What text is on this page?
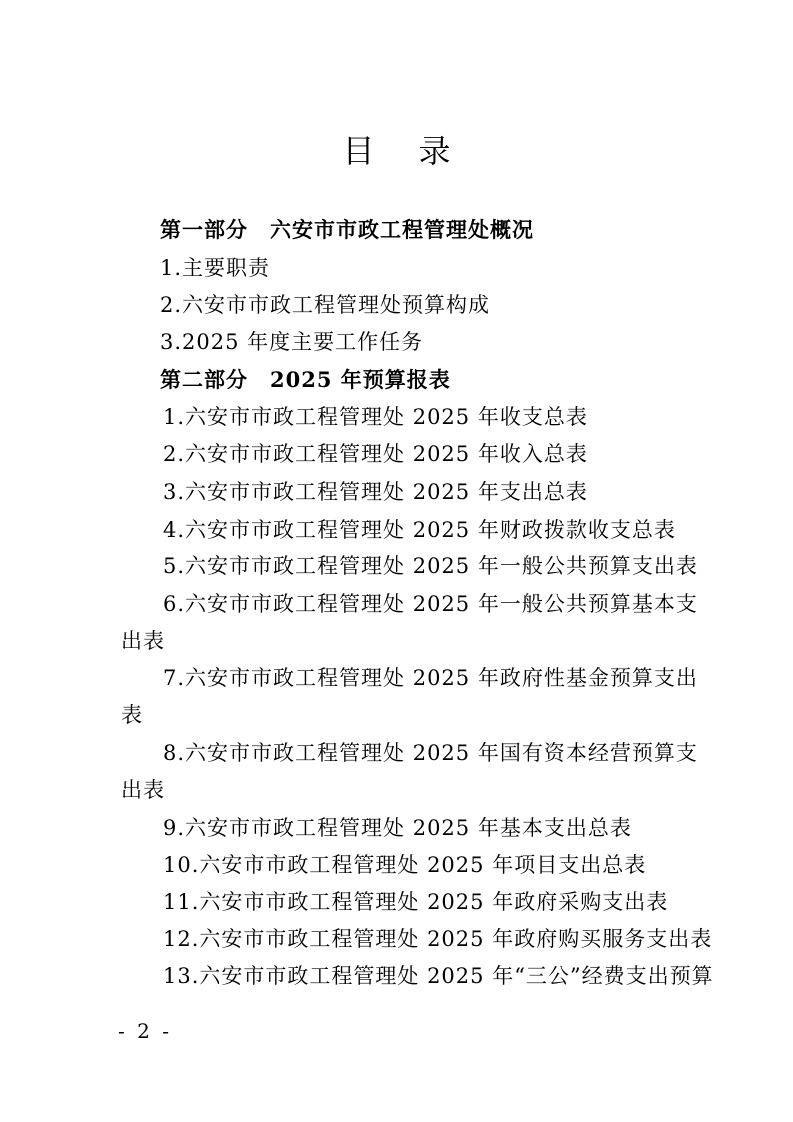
目录
第一部分 六安市市政工程管理处概况
1.主要职责
2.六安市市政工程管理处预算构成
3.2025 年度主要工作任务
第二部分 2025 年预算报表
1.六安市市政工程管理处 2025 年收支总表
2.六安市市政工程管理处 2025 年收入总表
3.六安市市政工程管理处 2025 年支出总表
4.六安市市政工程管理处 2025 年财政拨款收支总表
5.六安市市政工程管理处 2025 年一般公共预算支出表
6.六安市市政工程管理处 2025 年一般公共预算基本支
出表
7.六安市市政工程管理处 2025 年政府性基金预算支出
表
8.六安市市政工程管理处 2025 年国有资本经营预算支
出表
9.六安市市政工程管理处 2025 年基本支出总表
10.六安市市政工程管理处 2025 年项目支出总表
11.六安市市政工程管理处 2025 年政府采购支出表
12.六安市市政工程管理处 2025 年政府购买服务支出表
13.六安市市政工程管理处 2025 年“三公”经费支出预算
- 2 -
